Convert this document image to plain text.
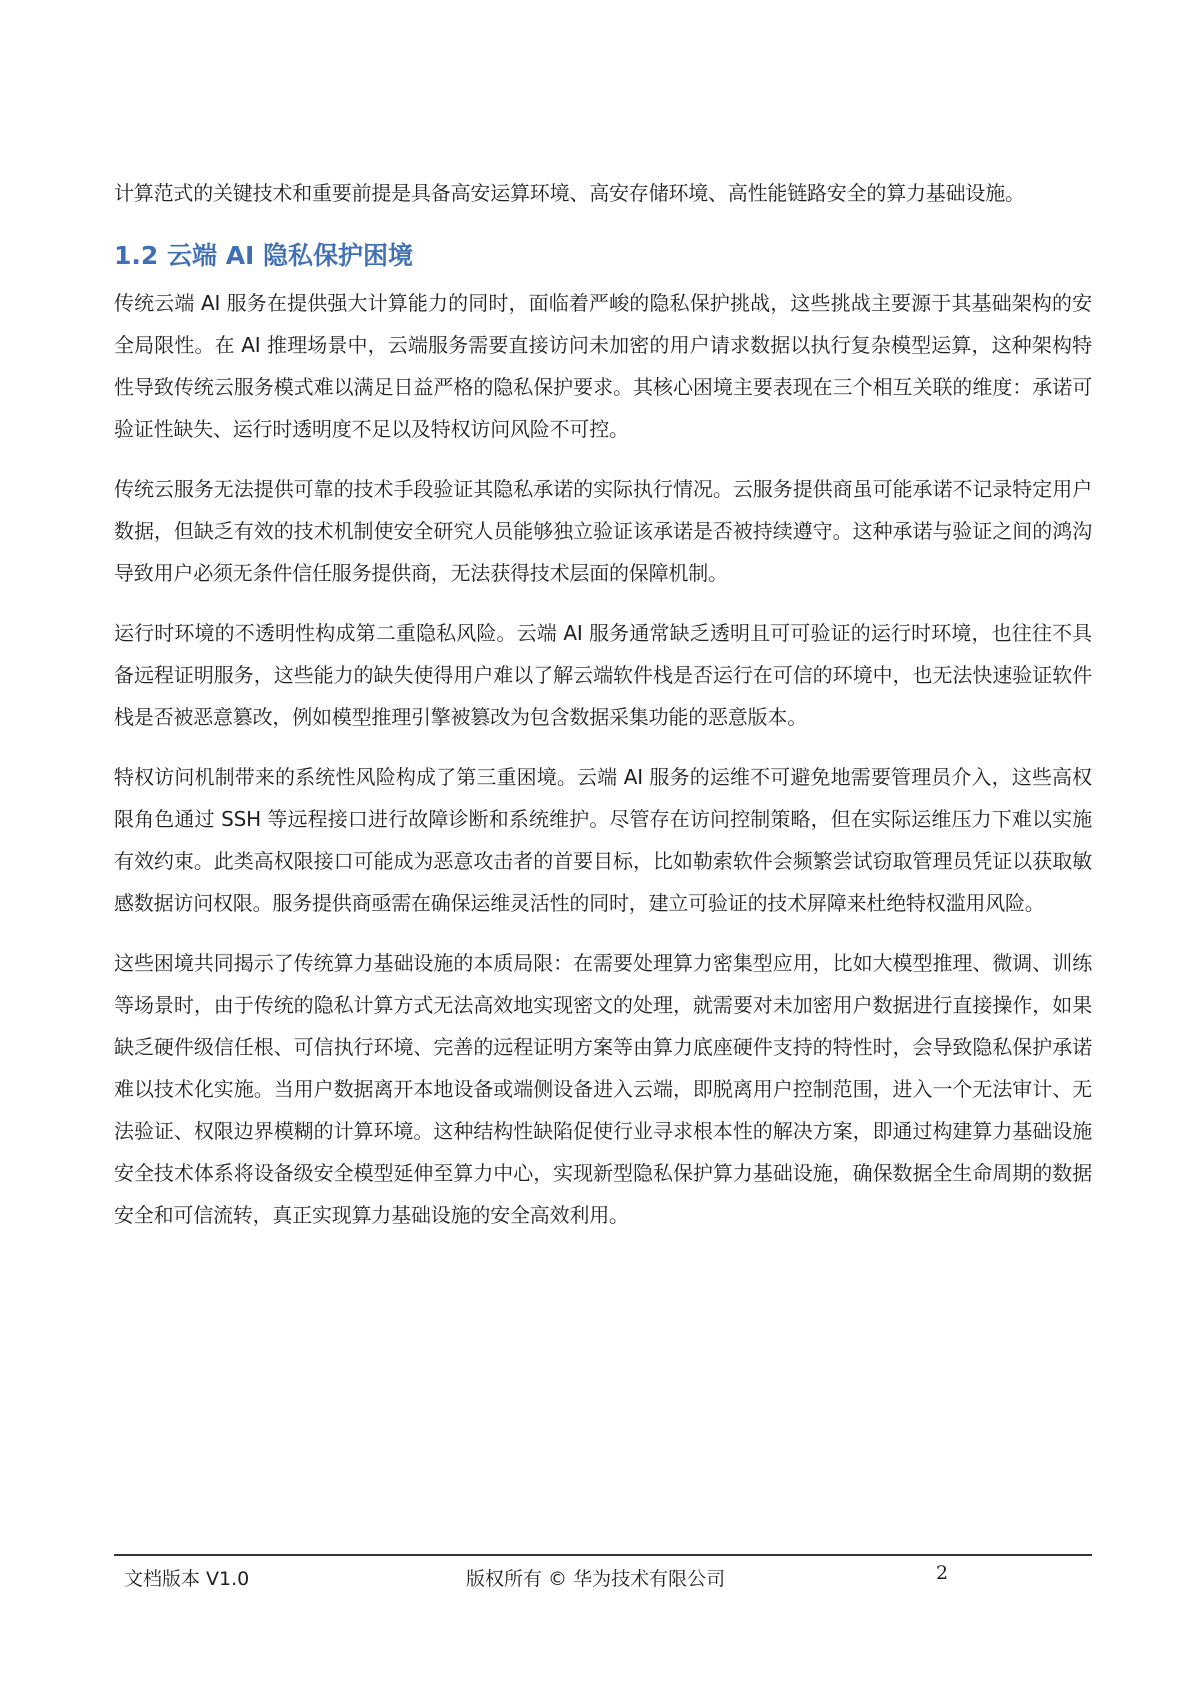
计算范式的关键技术和重要前提是具备高安运算环境、高安存储环境、高性能链路安全的算力基础设施。

1.2 云端 AI 隐私保护困境

传统云端 AI 服务在提供强大计算能力的同时，面临着严峻的隐私保护挑战，这些挑战主要源于其基础架构的安全局限性。在 AI 推理场景中，云端服务需要直接访问未加密的用户请求数据以执行复杂模型运算，这种架构特性导致传统云服务模式难以满足日益严格的隐私保护要求。其核心困境主要表现在三个相互关联的维度：承诺可验证性缺失、运行时透明度不足以及特权访问风险不可控。

传统云服务无法提供可靠的技术手段验证其隐私承诺的实际执行情况。云服务提供商虽可能承诺不记录特定用户数据，但缺乏有效的技术机制使安全研究人员能够独立验证该承诺是否被持续遵守。这种承诺与验证之间的鸿沟导致用户必须无条件信任服务提供商，无法获得技术层面的保障机制。

运行时环境的不透明性构成第二重隐私风险。云端 AI 服务通常缺乏透明且可可验证的运行时环境，也往往不具备远程证明服务，这些能力的缺失使得用户难以了解云端软件栈是否运行在可信的环境中，也无法快速验证软件栈是否被恶意篡改，例如模型推理引擎被篡改为包含数据采集功能的恶意版本。

特权访问机制带来的系统性风险构成了第三重困境。云端 AI 服务的运维不可避免地需要管理员介入，这些高权限角色通过 SSH 等远程接口进行故障诊断和系统维护。尽管存在访问控制策略，但在实际运维压力下难以实施有效约束。此类高权限接口可能成为恶意攻击者的首要目标，比如勒索软件会频繁尝试窃取管理员凭证以获取敏感数据访问权限。服务提供商亟需在确保运维灵活性的同时，建立可验证的技术屏障来杜绝特权滥用风险。

这些困境共同揭示了传统算力基础设施的本质局限：在需要处理算力密集型应用，比如大模型推理、微调、训练等场景时，由于传统的隐私计算方式无法高效地实现密文的处理，就需要对未加密用户数据进行直接操作，如果缺乏硬件级信任根、可信执行环境、完善的远程证明方案等由算力底座硬件支持的特性时，会导致隐私保护承诺难以技术化实施。当用户数据离开本地设备或端侧设备进入云端，即脱离用户控制范围，进入一个无法审计、无法验证、权限边界模糊的计算环境。这种结构性缺陷促使行业寻求根本性的解决方案，即通过构建算力基础设施安全技术体系将设备级安全模型延伸至算力中心，实现新型隐私保护算力基础设施，确保数据全生命周期的数据安全和可信流转，真正实现算力基础设施的安全高效利用。

文档版本 V1.0	版权所有 © 华为技术有限公司	2
